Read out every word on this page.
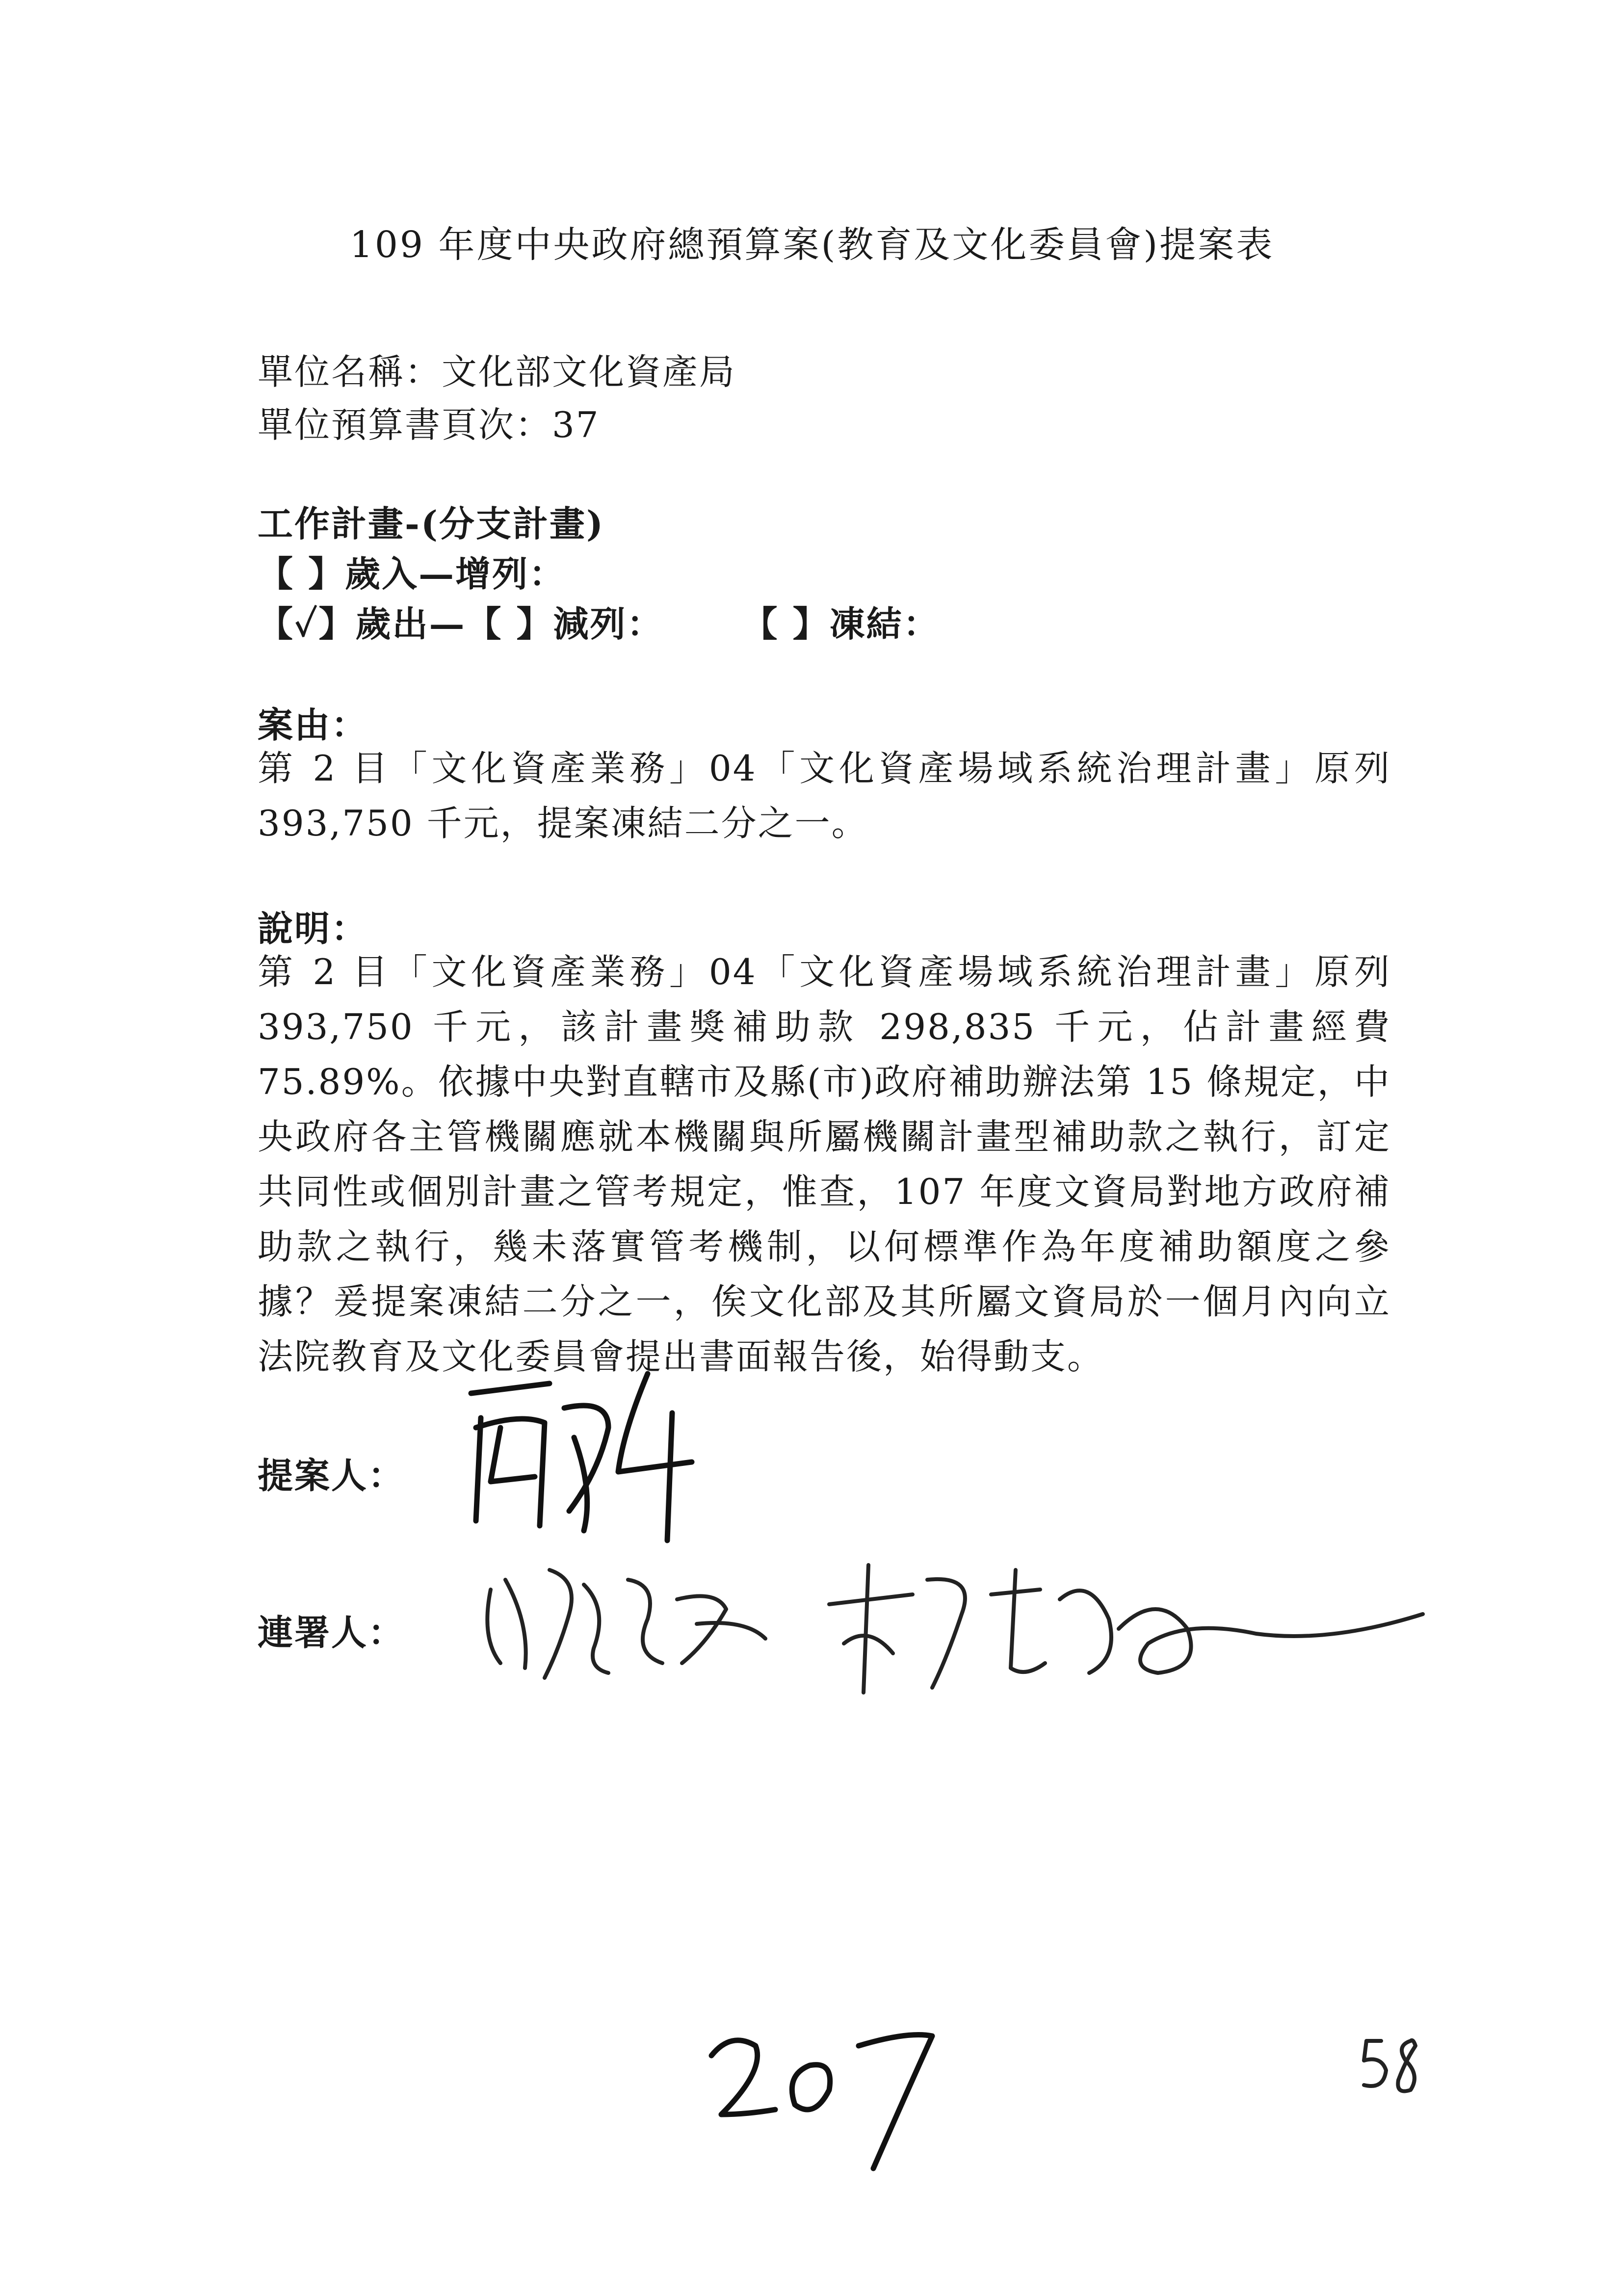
109 年度中央政府總預算案(教育及文化委員會)提案表
單位名稱：文化部文化資產局
單位預算書頁次：37
工作計畫-(分支計畫)
【 】歲入—增列：
【✓】歲出—【 】減列： 【 】凍結：
案由：
第 2 目「文化資產業務」04「文化資產場域系統治理計畫」原列 393,750 千元，提案凍結二分之一。
說明：
第 2 目「文化資產業務」04「文化資產場域系統治理計畫」原列 393,750 千元，該計畫獎補助款 298,835 千元，佔計畫經費 75.89%。依據中央對直轄市及縣(市)政府補助辦法第 15 條規定，中央政府各主管機關應就本機關與所屬機關計畫型補助款之執行，訂定共同性或個別計畫之管考規定，惟查，107 年度文資局對地方政府補助款之執行，幾未落實管考機制，以何標準作為年度補助額度之參據？爰提案凍結二分之一，俟文化部及其所屬文資局於一個月內向立法院教育及文化委員會提出書面報告後，始得動支。
提案人：
連署人：
